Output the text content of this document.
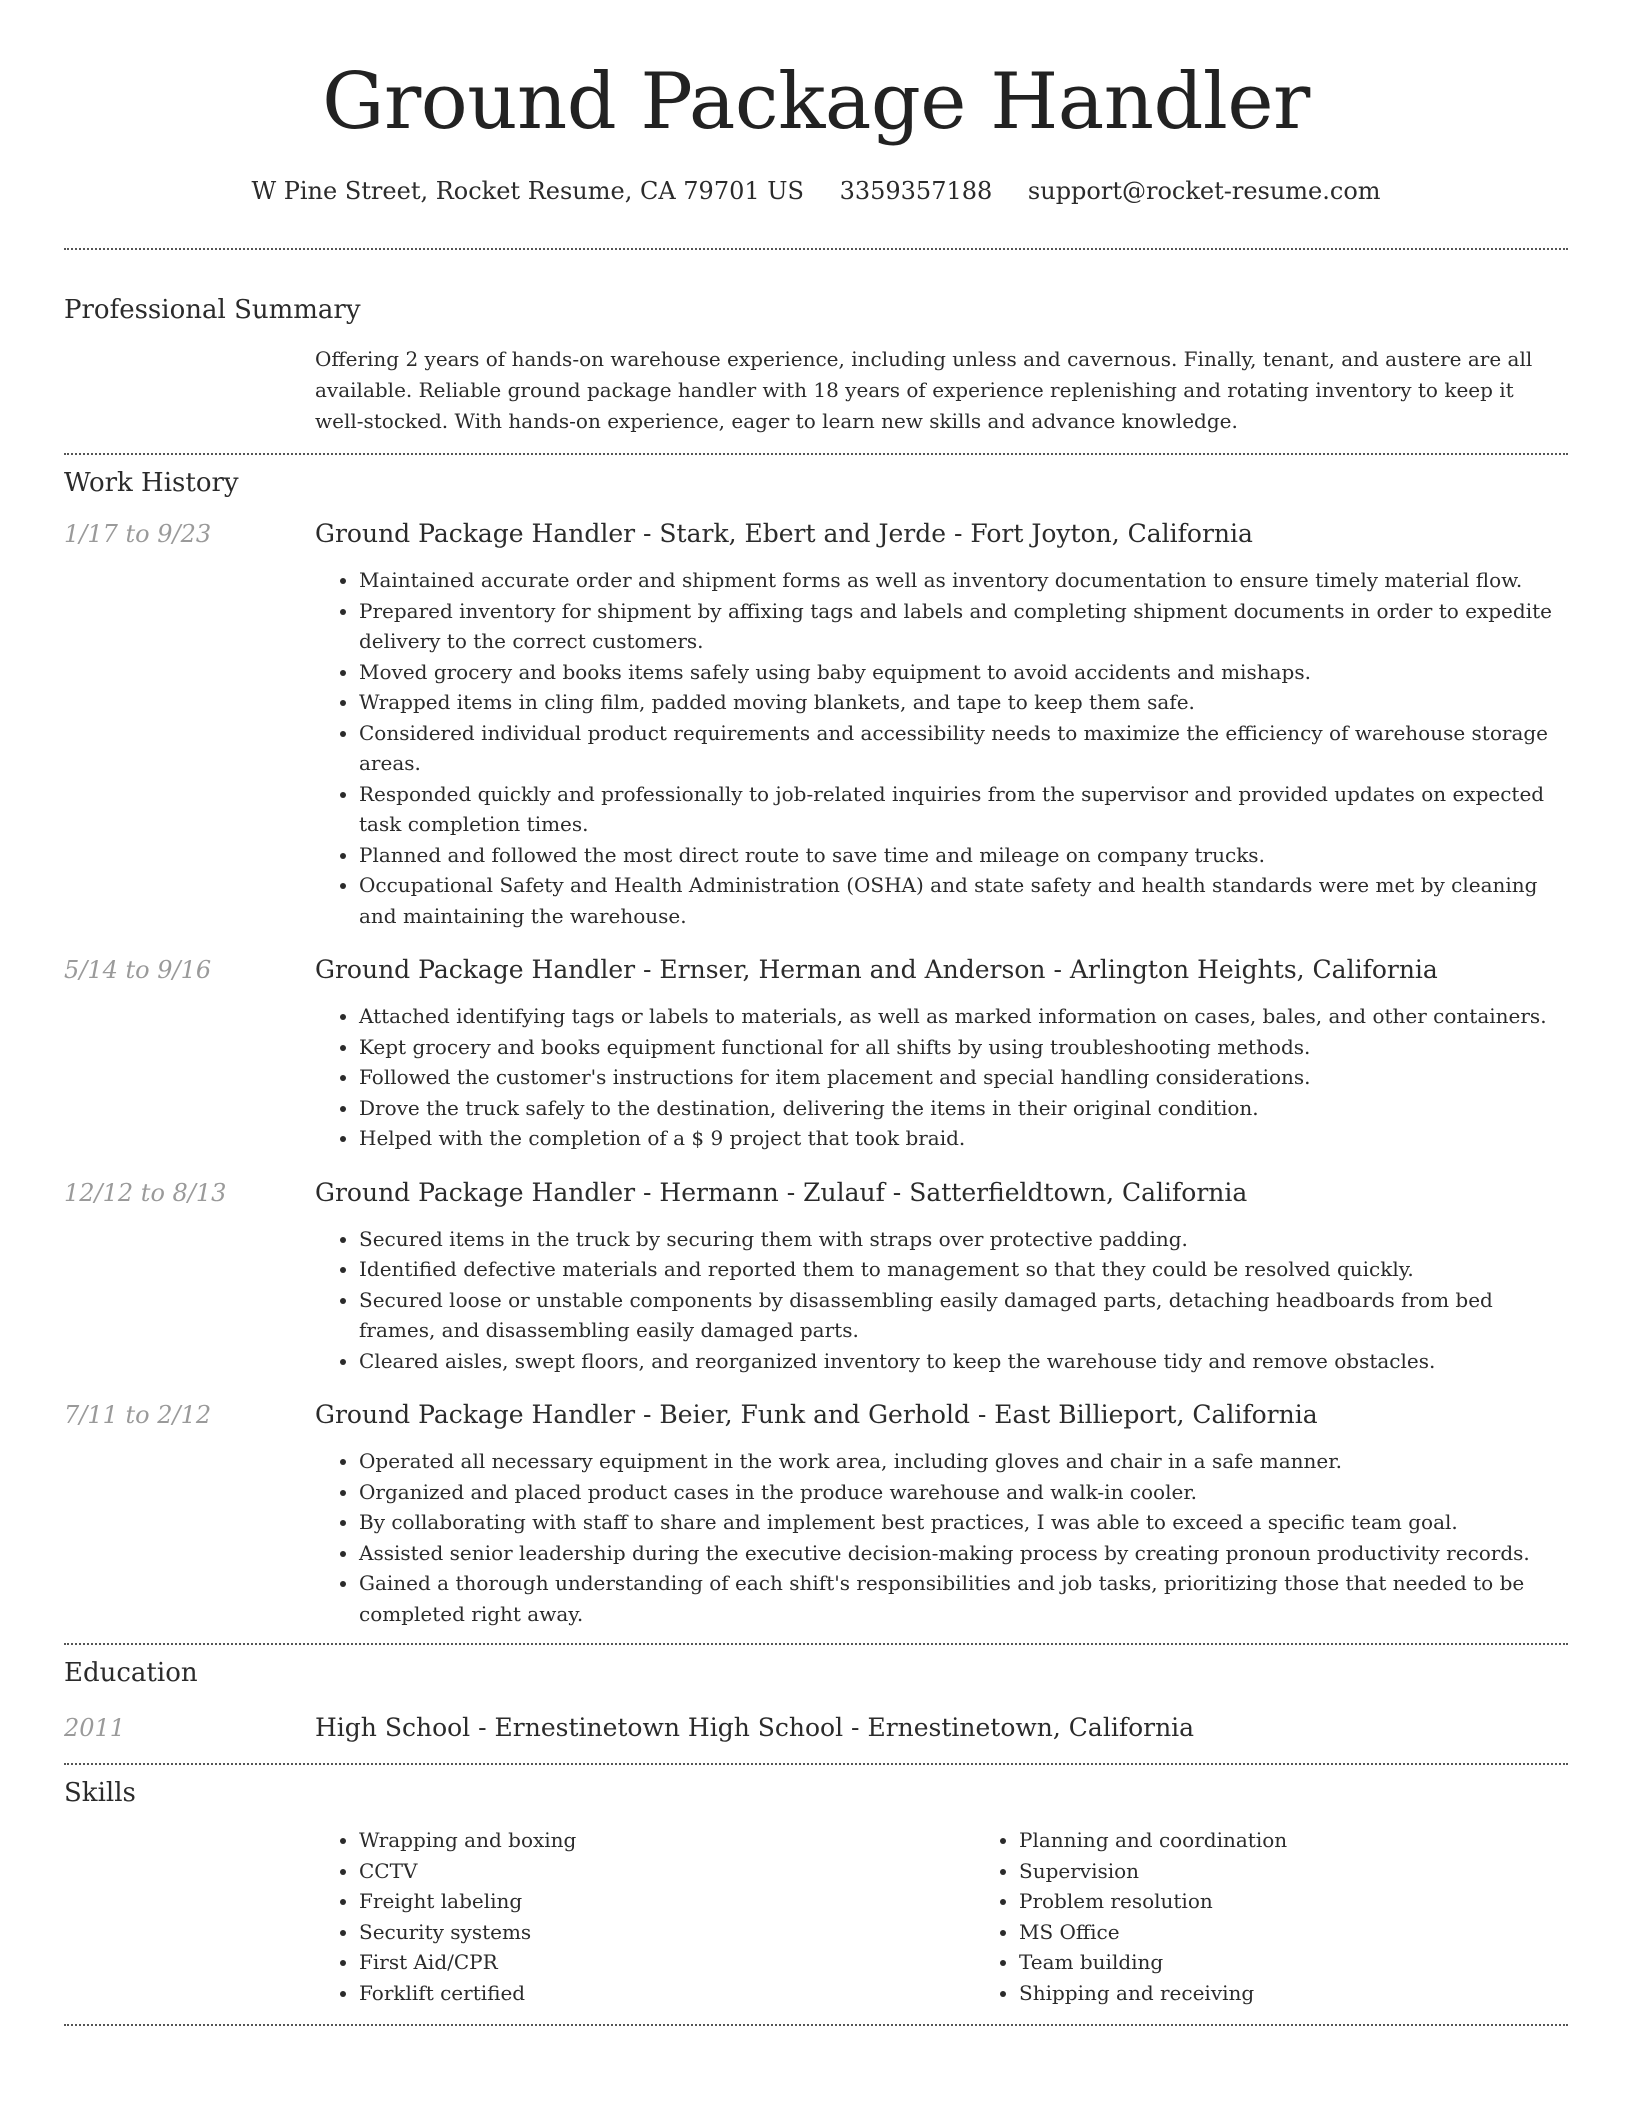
Ground Package Handler
W Pine Street, Rocket Resume, CA 79701 US 3359357188 support@rocket-resume.com
Professional Summary

Offering 2 years of hands-on warehouse experience, including unless and cavernous. Finally, tenant, and austere are all available. Reliable ground package handler with 18 years of experience replenishing and rotating inventory to keep it well-stocked. With hands-on experience, eager to learn new skills and advance knowledge.

Work History
1/17 to 9/23	Ground Package Handler - Stark, Ebert and Jerde - Fort Joyton, California
• Maintained accurate order and shipment forms as well as inventory documentation to ensure timely material flow.
• Prepared inventory for shipment by affixing tags and labels and completing shipment documents in order to expedite delivery to the correct customers.
• Moved grocery and books items safely using baby equipment to avoid accidents and mishaps.
• Wrapped items in cling film, padded moving blankets, and tape to keep them safe.
• Considered individual product requirements and accessibility needs to maximize the efficiency of warehouse storage areas.
• Responded quickly and professionally to job-related inquiries from the supervisor and provided updates on expected task completion times.
• Planned and followed the most direct route to save time and mileage on company trucks.
• Occupational Safety and Health Administration (OSHA) and state safety and health standards were met by cleaning and maintaining the warehouse.
5/14 to 9/16	Ground Package Handler - Ernser, Herman and Anderson - Arlington Heights, California
• Attached identifying tags or labels to materials, as well as marked information on cases, bales, and other containers.
• Kept grocery and books equipment functional for all shifts by using troubleshooting methods.
• Followed the customer's instructions for item placement and special handling considerations.
• Drove the truck safely to the destination, delivering the items in their original condition.
• Helped with the completion of a $ 9 project that took braid.
12/12 to 8/13	Ground Package Handler - Hermann - Zulauf - Satterfieldtown, California
• Secured items in the truck by securing them with straps over protective padding.
• Identified defective materials and reported them to management so that they could be resolved quickly.
• Secured loose or unstable components by disassembling easily damaged parts, detaching headboards from bed frames, and disassembling easily damaged parts.
• Cleared aisles, swept floors, and reorganized inventory to keep the warehouse tidy and remove obstacles.
7/11 to 2/12	Ground Package Handler - Beier, Funk and Gerhold - East Billieport, California
• Operated all necessary equipment in the work area, including gloves and chair in a safe manner.
• Organized and placed product cases in the produce warehouse and walk-in cooler.
• By collaborating with staff to share and implement best practices, I was able to exceed a specific team goal.
• Assisted senior leadership during the executive decision-making process by creating pronoun productivity records.
• Gained a thorough understanding of each shift's responsibilities and job tasks, prioritizing those that needed to be completed right away.
Education
2011	High School - Ernestinetown High School - Ernestinetown, California
Skills
• Wrapping and boxing
• CCTV
• Freight labeling
• Security systems
• First Aid/CPR
• Forklift certified
• Planning and coordination
• Supervision
• Problem resolution
• MS Office
• Team building
• Shipping and receiving
